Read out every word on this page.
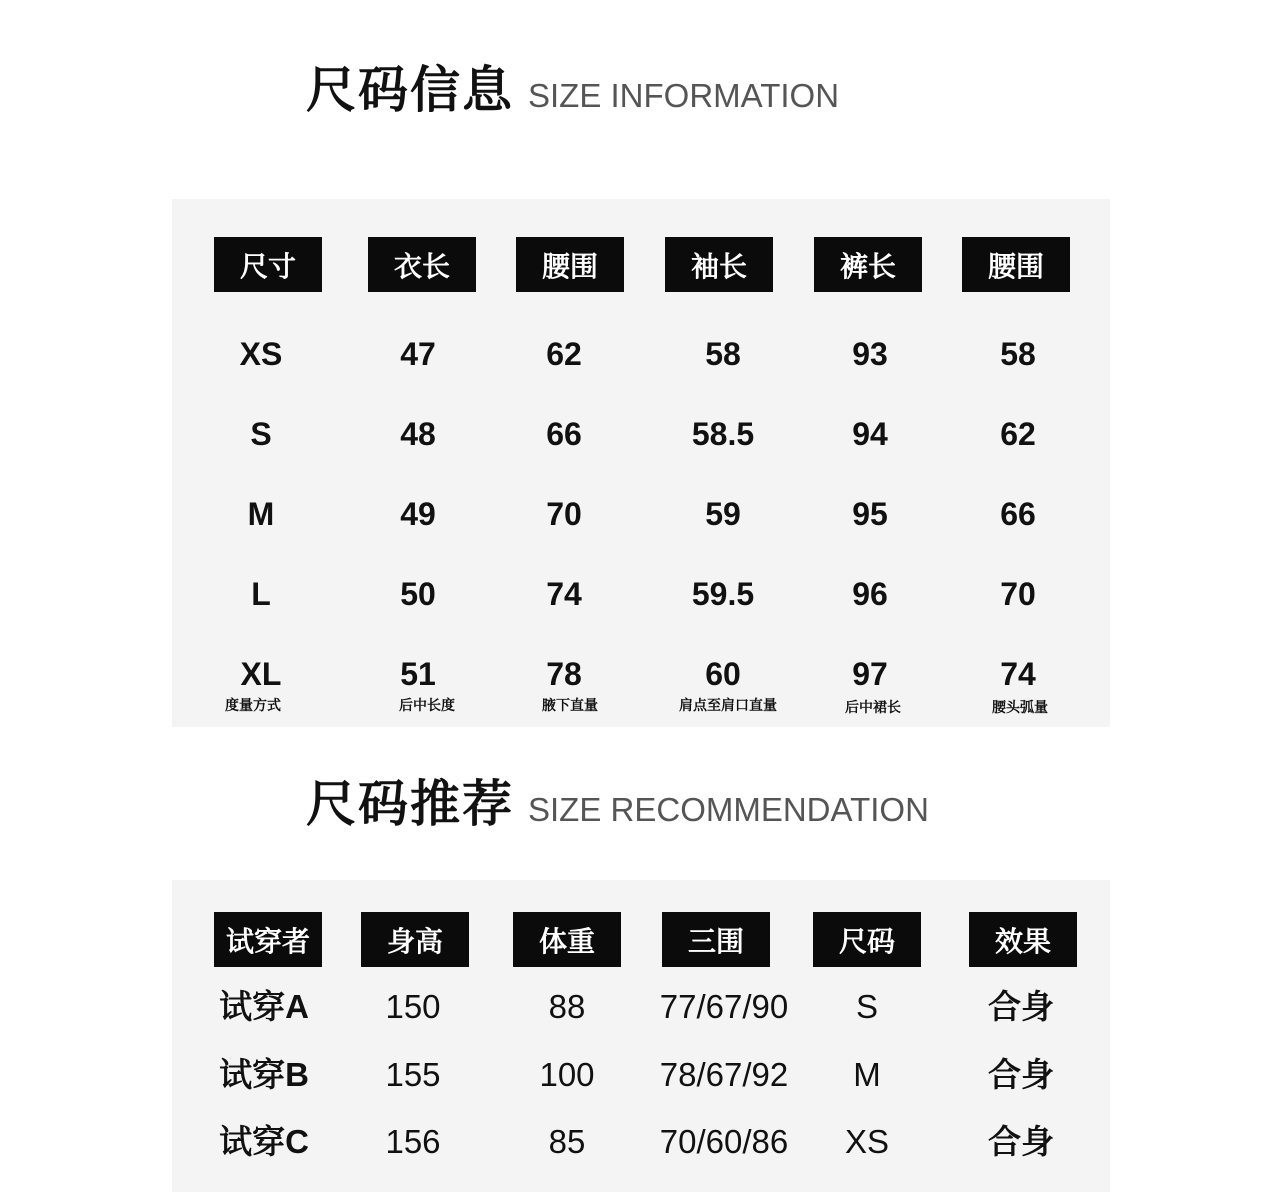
尺码信息 SIZE INFORMATION
尺寸	衣长	腰围	袖长	裤长	腰围
XS	47	62	58	93	58
S	48	66	58.5	94	62
M	49	70	59	95	66
L	50	74	59.5	96	70
XL	51	78	60	97	74
度量方式	后中长度	腋下直量	肩点至肩口直量	后中裙长	腰头弧量
尺码推荐 SIZE RECOMMENDATION
试穿者	身高	体重	三围	尺码	效果
试穿A	150	88	77/67/90	S	合身
试穿B	155	100	78/67/92	M	合身
试穿C	156	85	70/60/86	XS	合身
